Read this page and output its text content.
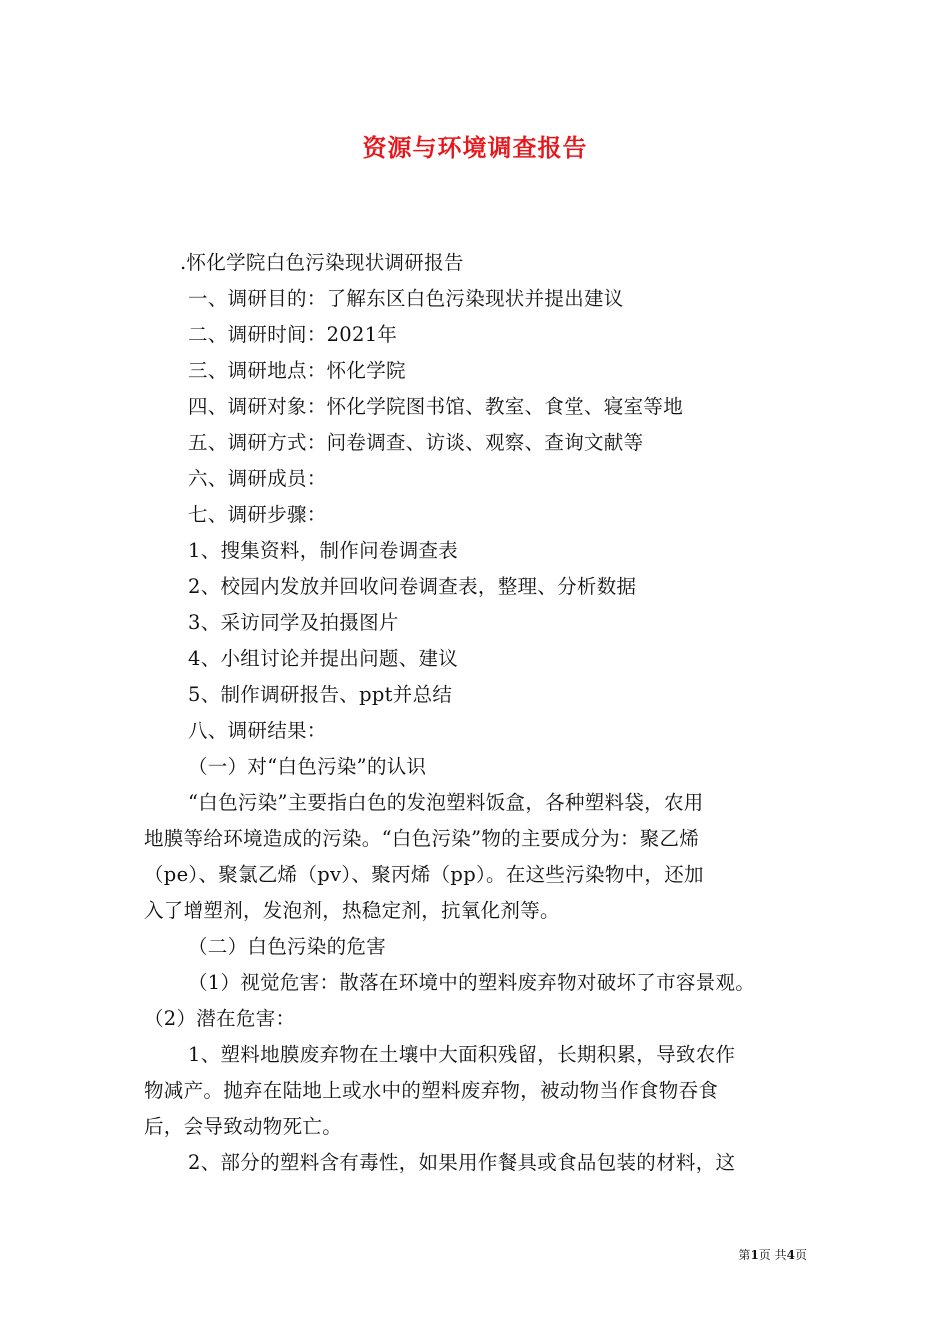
资源与环境调查报告
.怀化学院白色污染现状调研报告
一、调研目的：了解东区白色污染现状并提出建议
二、调研时间：2021年
三、调研地点：怀化学院
四、调研对象：怀化学院图书馆、教室、食堂、寝室等地
五、调研方式：问卷调查、访谈、观察、查询文献等
六、调研成员：
七、调研步骤：
1、搜集资料，制作问卷调查表
2、校园内发放并回收问卷调查表，整理、分析数据
3、采访同学及拍摄图片
4、小组讨论并提出问题、建议
5、制作调研报告、ppt并总结
八、调研结果：
（一）对“白色污染”的认识
“白色污染”主要指白色的发泡塑料饭盒，各种塑料袋，农用
地膜等给环境造成的污染。“白色污染”物的主要成分为：聚乙烯
（pe）、聚氯乙烯（pv）、聚丙烯（pp）。在这些污染物中，还加
入了增塑剂，发泡剂，热稳定剂，抗氧化剂等。
（二）白色污染的危害
（1）视觉危害：散落在环境中的塑料废弃物对破坏了市容景观。
（2）潜在危害：
1、塑料地膜废弃物在土壤中大面积残留，长期积累，导致农作
物减产。抛弃在陆地上或水中的塑料废弃物，被动物当作食物吞食
后，会导致动物死亡。
2、部分的塑料含有毒性，如果用作餐具或食品包装的材料，这
第1页 共4页
